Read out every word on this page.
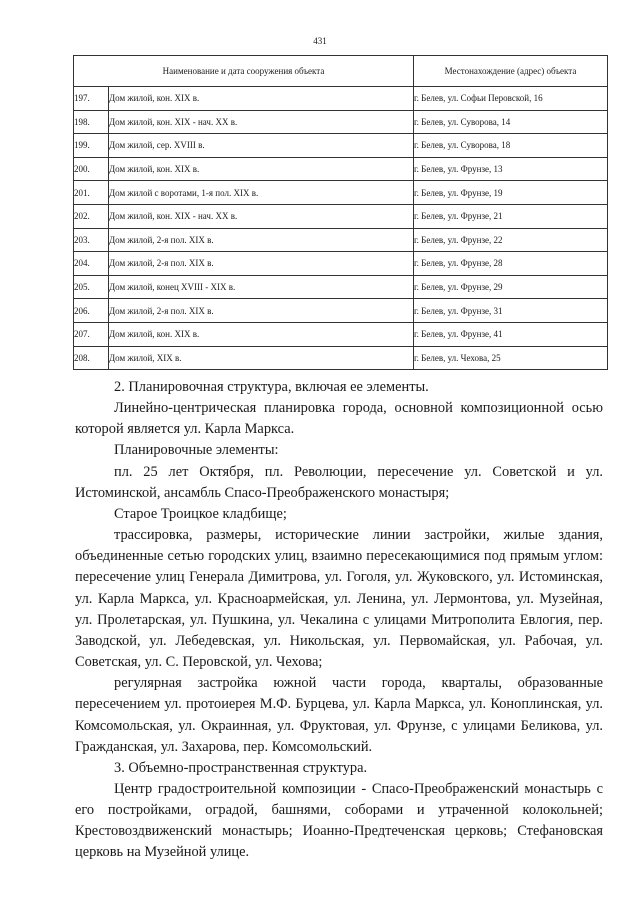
431
Наименование и дата сооружения объекта		Местонахождение (адрес) объекта
197.	Дом жилой, кон. XIX в.	г. Белев, ул. Софьи Перовской, 16
198.	Дом жилой, кон. XIX - нач. XX в.	г. Белев, ул. Суворова, 14
199.	Дом жилой, сер. XVIII в.	г. Белев, ул. Суворова, 18
200.	Дом жилой, кон. XIX в.	г. Белев, ул. Фрунзе, 13
201.	Дом жилой с воротами, 1-я пол. XIX в.	г. Белев, ул. Фрунзе, 19
202.	Дом жилой, кон. XIX - нач. XX в.	г. Белев, ул. Фрунзе, 21
203.	Дом жилой, 2-я пол. XIX в.	г. Белев, ул. Фрунзе, 22
204.	Дом жилой, 2-я пол. XIX в.	г. Белев, ул. Фрунзе, 28
205.	Дом жилой, конец XVIII - XIX в.	г. Белев, ул. Фрунзе, 29
206.	Дом жилой, 2-я пол. XIX в.	г. Белев, ул. Фрунзе, 31
207.	Дом жилой, кон. XIX в.	г. Белев, ул. Фрунзе, 41
208.	Дом жилой, XIX в.	г. Белев, ул. Чехова, 25

2. Планировочная структура, включая ее элементы.

Линейно-центрическая планировка города, основной композиционной осью которой является ул. Карла Маркса.

Планировочные элементы:

пл. 25 лет Октября, пл. Революции, пересечение ул. Советской и ул. Истоминской, ансамбль Спасо-Преображенского монастыря;

Старое Троицкое кладбище;

трассировка, размеры, исторические линии застройки, жилые здания, объединенные сетью городских улиц, взаимно пересекающимися под прямым углом: пересечение улиц Генерала Димитрова, ул. Гоголя, ул. Жуковского, ул. Истоминская, ул. Карла Маркса, ул. Красноармейская, ул. Ленина, ул. Лермонтова, ул. Музейная, ул. Пролетарская, ул. Пушкина, ул. Чекалина с улицами Митрополита Евлогия, пер. Заводской, ул. Лебедевская, ул. Никольская, ул. Первомайская, ул. Рабочая, ул. Советская, ул. С. Перовской, ул. Чехова;

регулярная застройка южной части города, кварталы, образованные пересечением ул. протоиерея М.Ф. Бурцева, ул. Карла Маркса, ул. Коноплинская, ул. Комсомольская, ул. Окраинная, ул. Фруктовая, ул. Фрунзе, с улицами Беликова, ул. Гражданская, ул. Захарова, пер. Комсомольский.

3. Объемно-пространственная структура.

Центр градостроительной композиции - Спасо-Преображенский монастырь с его постройками, оградой, башнями, соборами и утраченной колокольней; Крестовоздвиженский монастырь; Иоанно-Предтеченская церковь; Стефановская церковь на Музейной улице.
